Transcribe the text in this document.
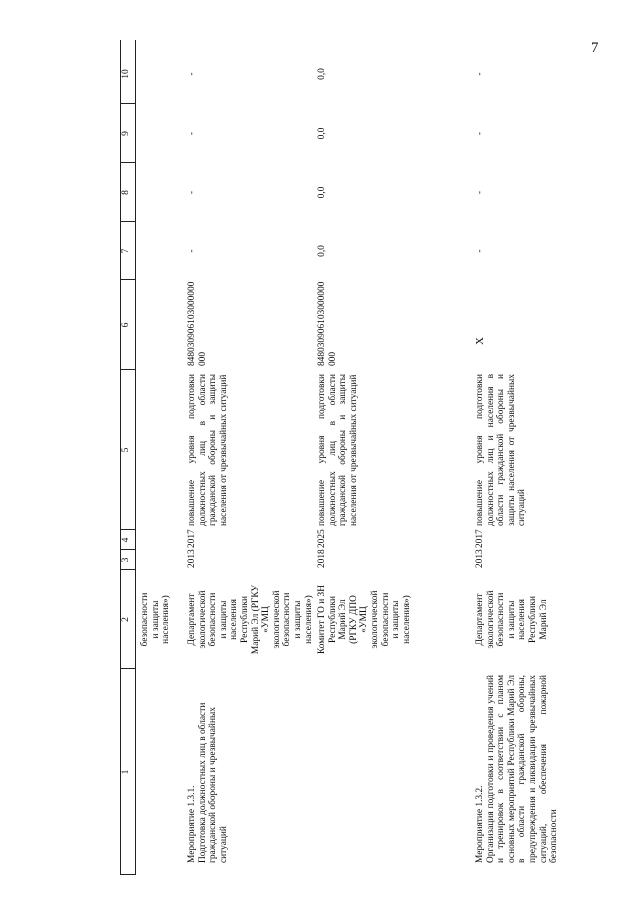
7
1
2
3
4
5
6
7
8
9
10
безопасности
и защиты
населения»)
Мероприятие 1.3.1.
Подготовка должностных лиц в области гражданской обороны и чрезвычайных ситуаций
Департамент
экологической
безопасности
и защиты
населения
Республики
Марий Эл (РГКУ
«УМЦ
экологической
безопасности
и защиты
населения»)
2013
2017
повышение уровня подготовки должностных лиц в области гражданской обороны и защиты населения от чрезвычайных ситуаций
848030906103000000
000
-
-
-
-
Комитет ГО и ЗН
Республики
Марий Эл
(РГКУ ДПО
«УМЦ
экологической
безопасности
и защиты
населения»)
2018
2025
повышение уровня подготовки должностных лиц в области гражданской обороны и защиты населения от чрезвычайных ситуаций
848030906103000000
000
0,0
0,0
0,0
0,0
Мероприятие 1.3.2.
Организация подготовки и проведения учений и тренировок в соответствии с планом основных мероприятий Республики Марий Эл в области гражданской обороны, предупреждения и ликвидации чрезвычайных ситуаций, обеспечения пожарной безопасности
Департамент
экологической
безопасности
и защиты
населения
Республики
Марий Эл
2013
2017
повышение уровня подготовки должностных лиц и населения в области гражданской обороны и защиты населения от чрезвычайных ситуаций
X
-
-
-
-
